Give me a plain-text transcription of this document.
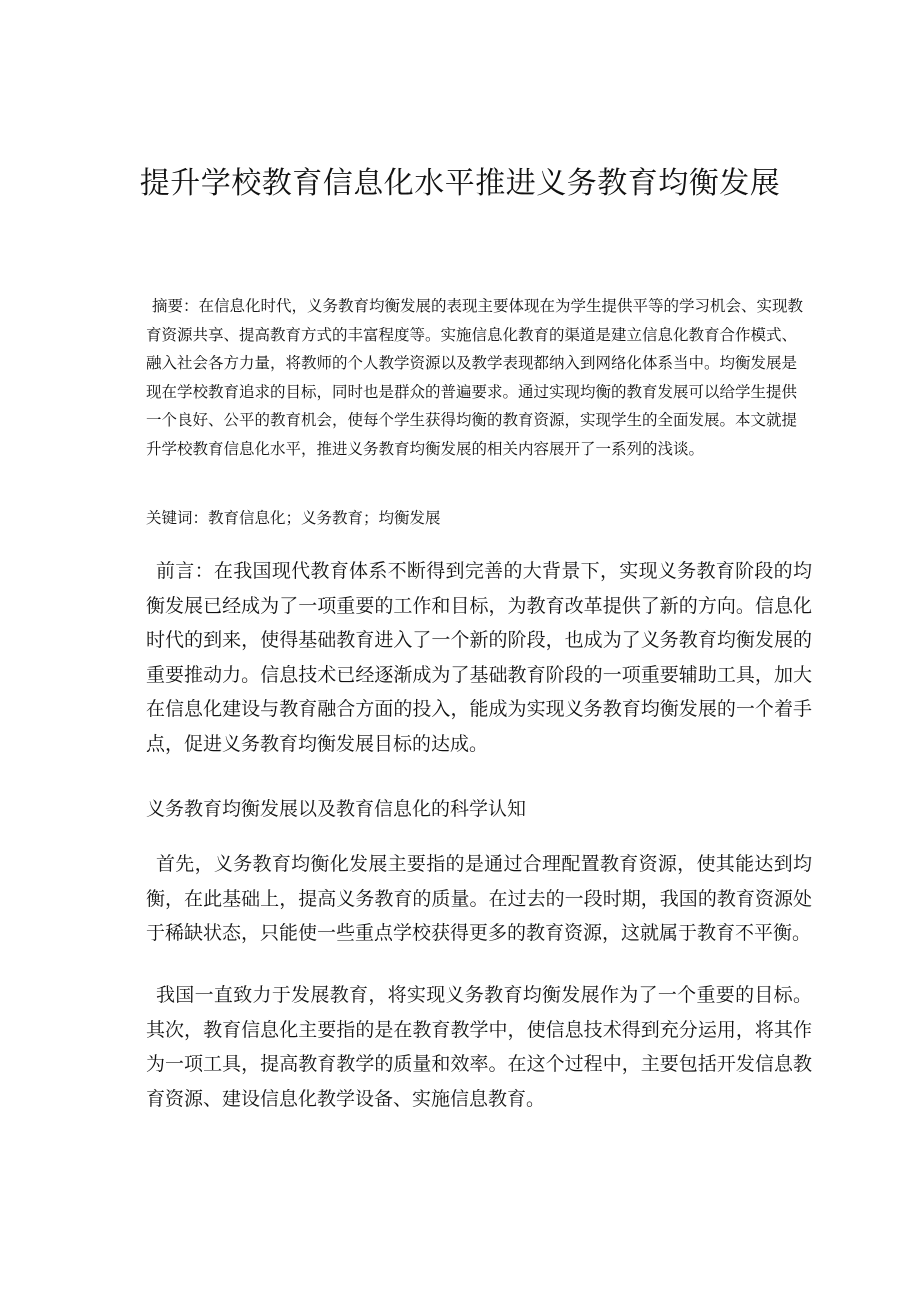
提升学校教育信息化水平推进义务教育均衡发展

摘要：在信息化时代，义务教育均衡发展的表现主要体现在为学生提供平等的学习机会、实现教育资源共享、提高教育方式的丰富程度等。实施信息化教育的渠道是建立信息化教育合作模式、融入社会各方力量，将教师的个人教学资源以及教学表现都纳入到网络化体系当中。均衡发展是现在学校教育追求的目标，同时也是群众的普遍要求。通过实现均衡的教育发展可以给学生提供一个良好、公平的教育机会，使每个学生获得均衡的教育资源，实现学生的全面发展。本文就提升学校教育信息化水平，推进义务教育均衡发展的相关内容展开了一系列的浅谈。

关键词：教育信息化；义务教育；均衡发展

前言：在我国现代教育体系不断得到完善的大背景下，实现义务教育阶段的均衡发展已经成为了一项重要的工作和目标，为教育改革提供了新的方向。信息化时代的到来，使得基础教育进入了一个新的阶段，也成为了义务教育均衡发展的重要推动力。信息技术已经逐渐成为了基础教育阶段的一项重要辅助工具，加大在信息化建设与教育融合方面的投入，能成为实现义务教育均衡发展的一个着手点，促进义务教育均衡发展目标的达成。

义务教育均衡发展以及教育信息化的科学认知

首先，义务教育均衡化发展主要指的是通过合理配置教育资源，使其能达到均衡，在此基础上，提高义务教育的质量。在过去的一段时期，我国的教育资源处于稀缺状态，只能使一些重点学校获得更多的教育资源，这就属于教育不平衡。

我国一直致力于发展教育，将实现义务教育均衡发展作为了一个重要的目标。其次，教育信息化主要指的是在教育教学中，使信息技术得到充分运用，将其作为一项工具，提高教育教学的质量和效率。在这个过程中，主要包括开发信息教育资源、建设信息化教学设备、实施信息教育。
